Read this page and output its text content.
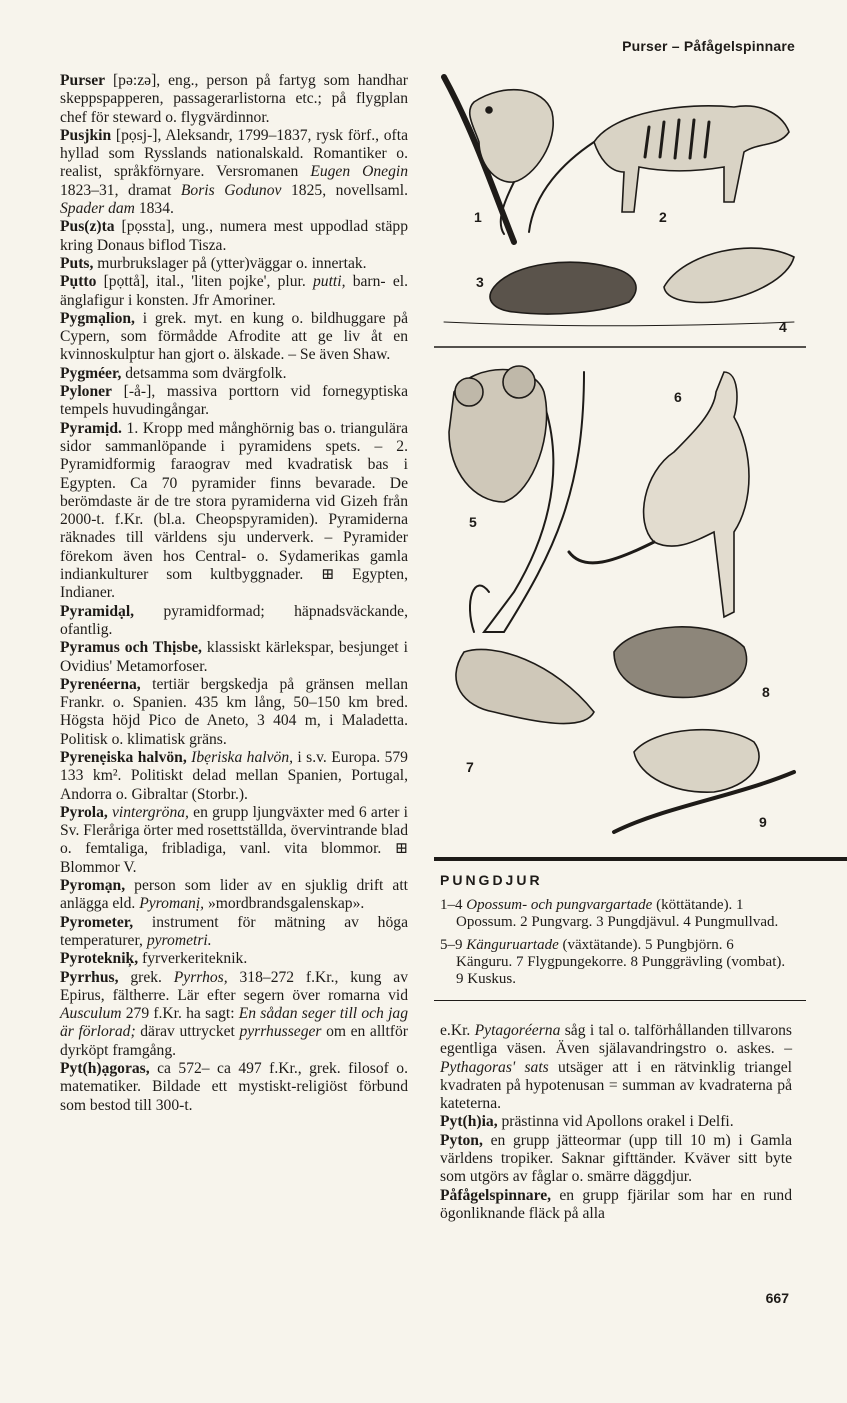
Purser – Påfågelspinnare

Purser [pə:zə], eng., person på fartyg som handhar skeppspapperen, passagerarlistorna etc.; på flygplan chef för steward o. flygvärdinnor.

Pusjkin [pọsj-], Aleksandr, 1799–1837, rysk förf., ofta hyllad som Rysslands nationalskald. Romantiker o. realist, språkförnyare. Versromanen Eugen Onegin 1823–31, dramat Boris Godunov 1825, novellsaml. Spader dam 1834.

Pus(z)ta [pọssta], ung., numera mest uppodlad stäpp kring Donaus biflod Tisza.

Puts, murbrukslager på (ytter)väggar o. innertak.

Pụtto [pọttå], ital., 'liten pojke', plur. putti, barn- el. änglafigur i konsten. Jfr Amoriner.

Pygmạlion, i grek. myt. en kung o. bildhuggare på Cypern, som förmådde Afrodite att ge liv åt en kvinnoskulptur han gjort o. älskade. – Se även Shaw.

Pygméer, detsamma som dvärgfolk.

Pyloner [-å-], massiva porttorn vid fornegyptiska tempels huvudingångar.

Pyramịd. 1. Kropp med månghörnig bas o. triangulära sidor sammanlöpande i pyramidens spets. – 2. Pyramidformig faraograv med kvadratisk bas i Egypten. Ca 70 pyramider finns bevarade. De berömdaste är de tre stora pyramiderna vid Gizeh från 2000-t. f.Kr. (bl.a. Cheopspyramiden). Pyramiderna räknades till världens sju underverk. – Pyramider förekom även hos Central- o. Sydamerikas gamla indiankulturer som kultbyggnader. ⊞ Egypten, Indianer.

Pyramidạl, pyramidformad; häpnadsväckande, ofantlig.

Pyramus och Thịsbe, klassiskt kärlekspar, besjunget i Ovidius' Metamorfoser.

Pyrenéerna, tertiär bergskedja på gränsen mellan Frankr. o. Spanien. 435 km lång, 50–150 km bred. Högsta höjd Pico de Aneto, 3 404 m, i Maladetta. Politisk o. klimatisk gräns.

Pyrenẹiska halvön, Ibẹriska halvön, i s.v. Europa. 579 133 km². Politiskt delad mellan Spanien, Portugal, Andorra o. Gibraltar (Storbr.).

Pyrola, vintergröna, en grupp ljungväxter med 6 arter i Sv. Fleråriga örter med rosettställda, övervintrande blad o. femtaliga, fribladiga, vanl. vita blommor. ⊞ Blommor V.

Pyromạn, person som lider av en sjuklig drift att anlägga eld. Pyromanị, »mordbrandsgalenskap».

Pyrometer, instrument för mätning av höga temperaturer, pyrometri.

Pyrotekniķ, fyrverkeriteknik.

Pyrrhus, grek. Pyrrhos, 318–272 f.Kr., kung av Epirus, fältherre. Lär efter segern över romarna vid Ausculum 279 f.Kr. ha sagt: En sådan seger till och jag är förlorad; därav uttrycket pyrrhusseger om en alltför dyrköpt framgång.

Pyt(h)ạgoras, ca 572– ca 497 f.Kr., grek. filosof o. matematiker. Bildade ett mystiskt-religiöst förbund som bestod till 300-t.

1	2
3
4
5
6
7
8
9
PUNGDJUR

1–4 Opossum- och pungvargartade (köttätande). 1 Opossum. 2 Pungvarg. 3 Pungdjävul. 4 Pungmullvad.

5–9 Känguruartade (växtätande). 5 Pungbjörn. 6 Känguru. 7 Flygpungekorre. 8 Punggrävling (vombat). 9 Kuskus.

e.Kr. Pytagoréerna såg i tal o. talförhållanden tillvarons egentliga väsen. Även själavandringstro o. askes. – Pythagoras' sats utsäger att i en rätvinklig triangel kvadraten på hypotenusan = summan av kvadraterna på kateterna.

Pyt(h)ia, prästinna vid Apollons orakel i Delfi.

Pyton, en grupp jätteormar (upp till 10 m) i Gamla världens tropiker. Saknar gifttänder. Kväver sitt byte som utgörs av fåglar o. smärre däggdjur.

Påfågelspinnare, en grupp fjärilar som har en rund ögonliknande fläck på alla

667
